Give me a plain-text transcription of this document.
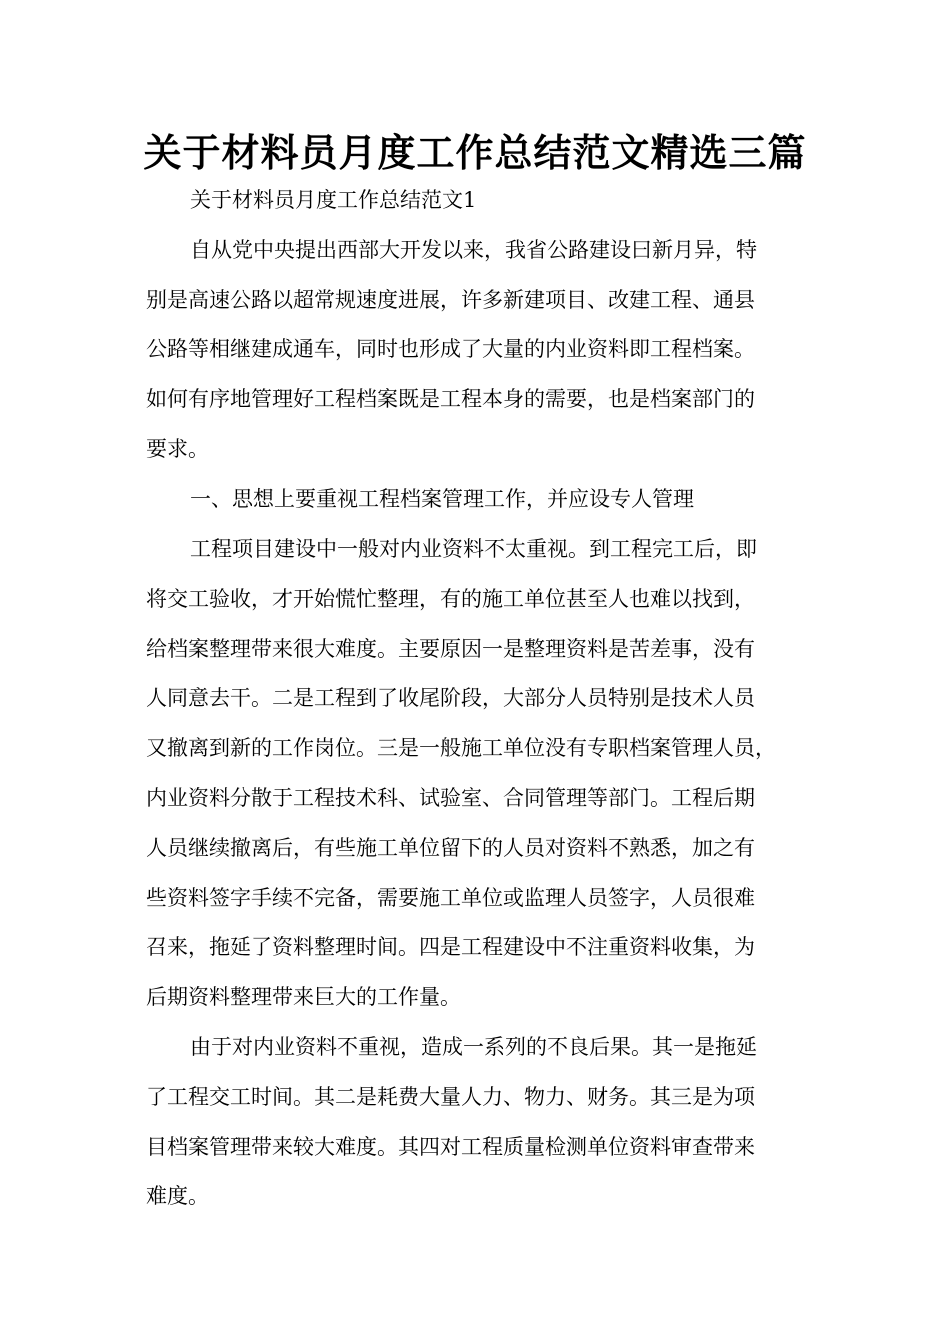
关于材料员月度工作总结范文精选三篇
关于材料员月度工作总结范文1
自从党中央提出西部大开发以来，我省公路建设曰新月异，特
别是高速公路以超常规速度进展，许多新建项目、改建工程、通县
公路等相继建成通车，同时也形成了大量的内业资料即工程档案。
如何有序地管理好工程档案既是工程本身的需要，也是档案部门的
要求。
一、思想上要重视工程档案管理工作，并应设专人管理
工程项目建设中一般对内业资料不太重视。到工程完工后，即
将交工验收，才开始慌忙整理，有的施工单位甚至人也难以找到，
给档案整理带来很大难度。主要原因一是整理资料是苦差事，没有
人同意去干。二是工程到了收尾阶段，大部分人员特别是技术人员
又撤离到新的工作岗位。三是一般施工单位没有专职档案管理人员，
内业资料分散于工程技术科、试验室、合同管理等部门。工程后期
人员继续撤离后，有些施工单位留下的人员对资料不熟悉，加之有
些资料签字手续不完备，需要施工单位或监理人员签字，人员很难
召来，拖延了资料整理时间。四是工程建设中不注重资料收集，为
后期资料整理带来巨大的工作量。
由于对内业资料不重视，造成一系列的不良后果。其一是拖延
了工程交工时间。其二是耗费大量人力、物力、财务。其三是为项
目档案管理带来较大难度。其四对工程质量检测单位资料审查带来
难度。
